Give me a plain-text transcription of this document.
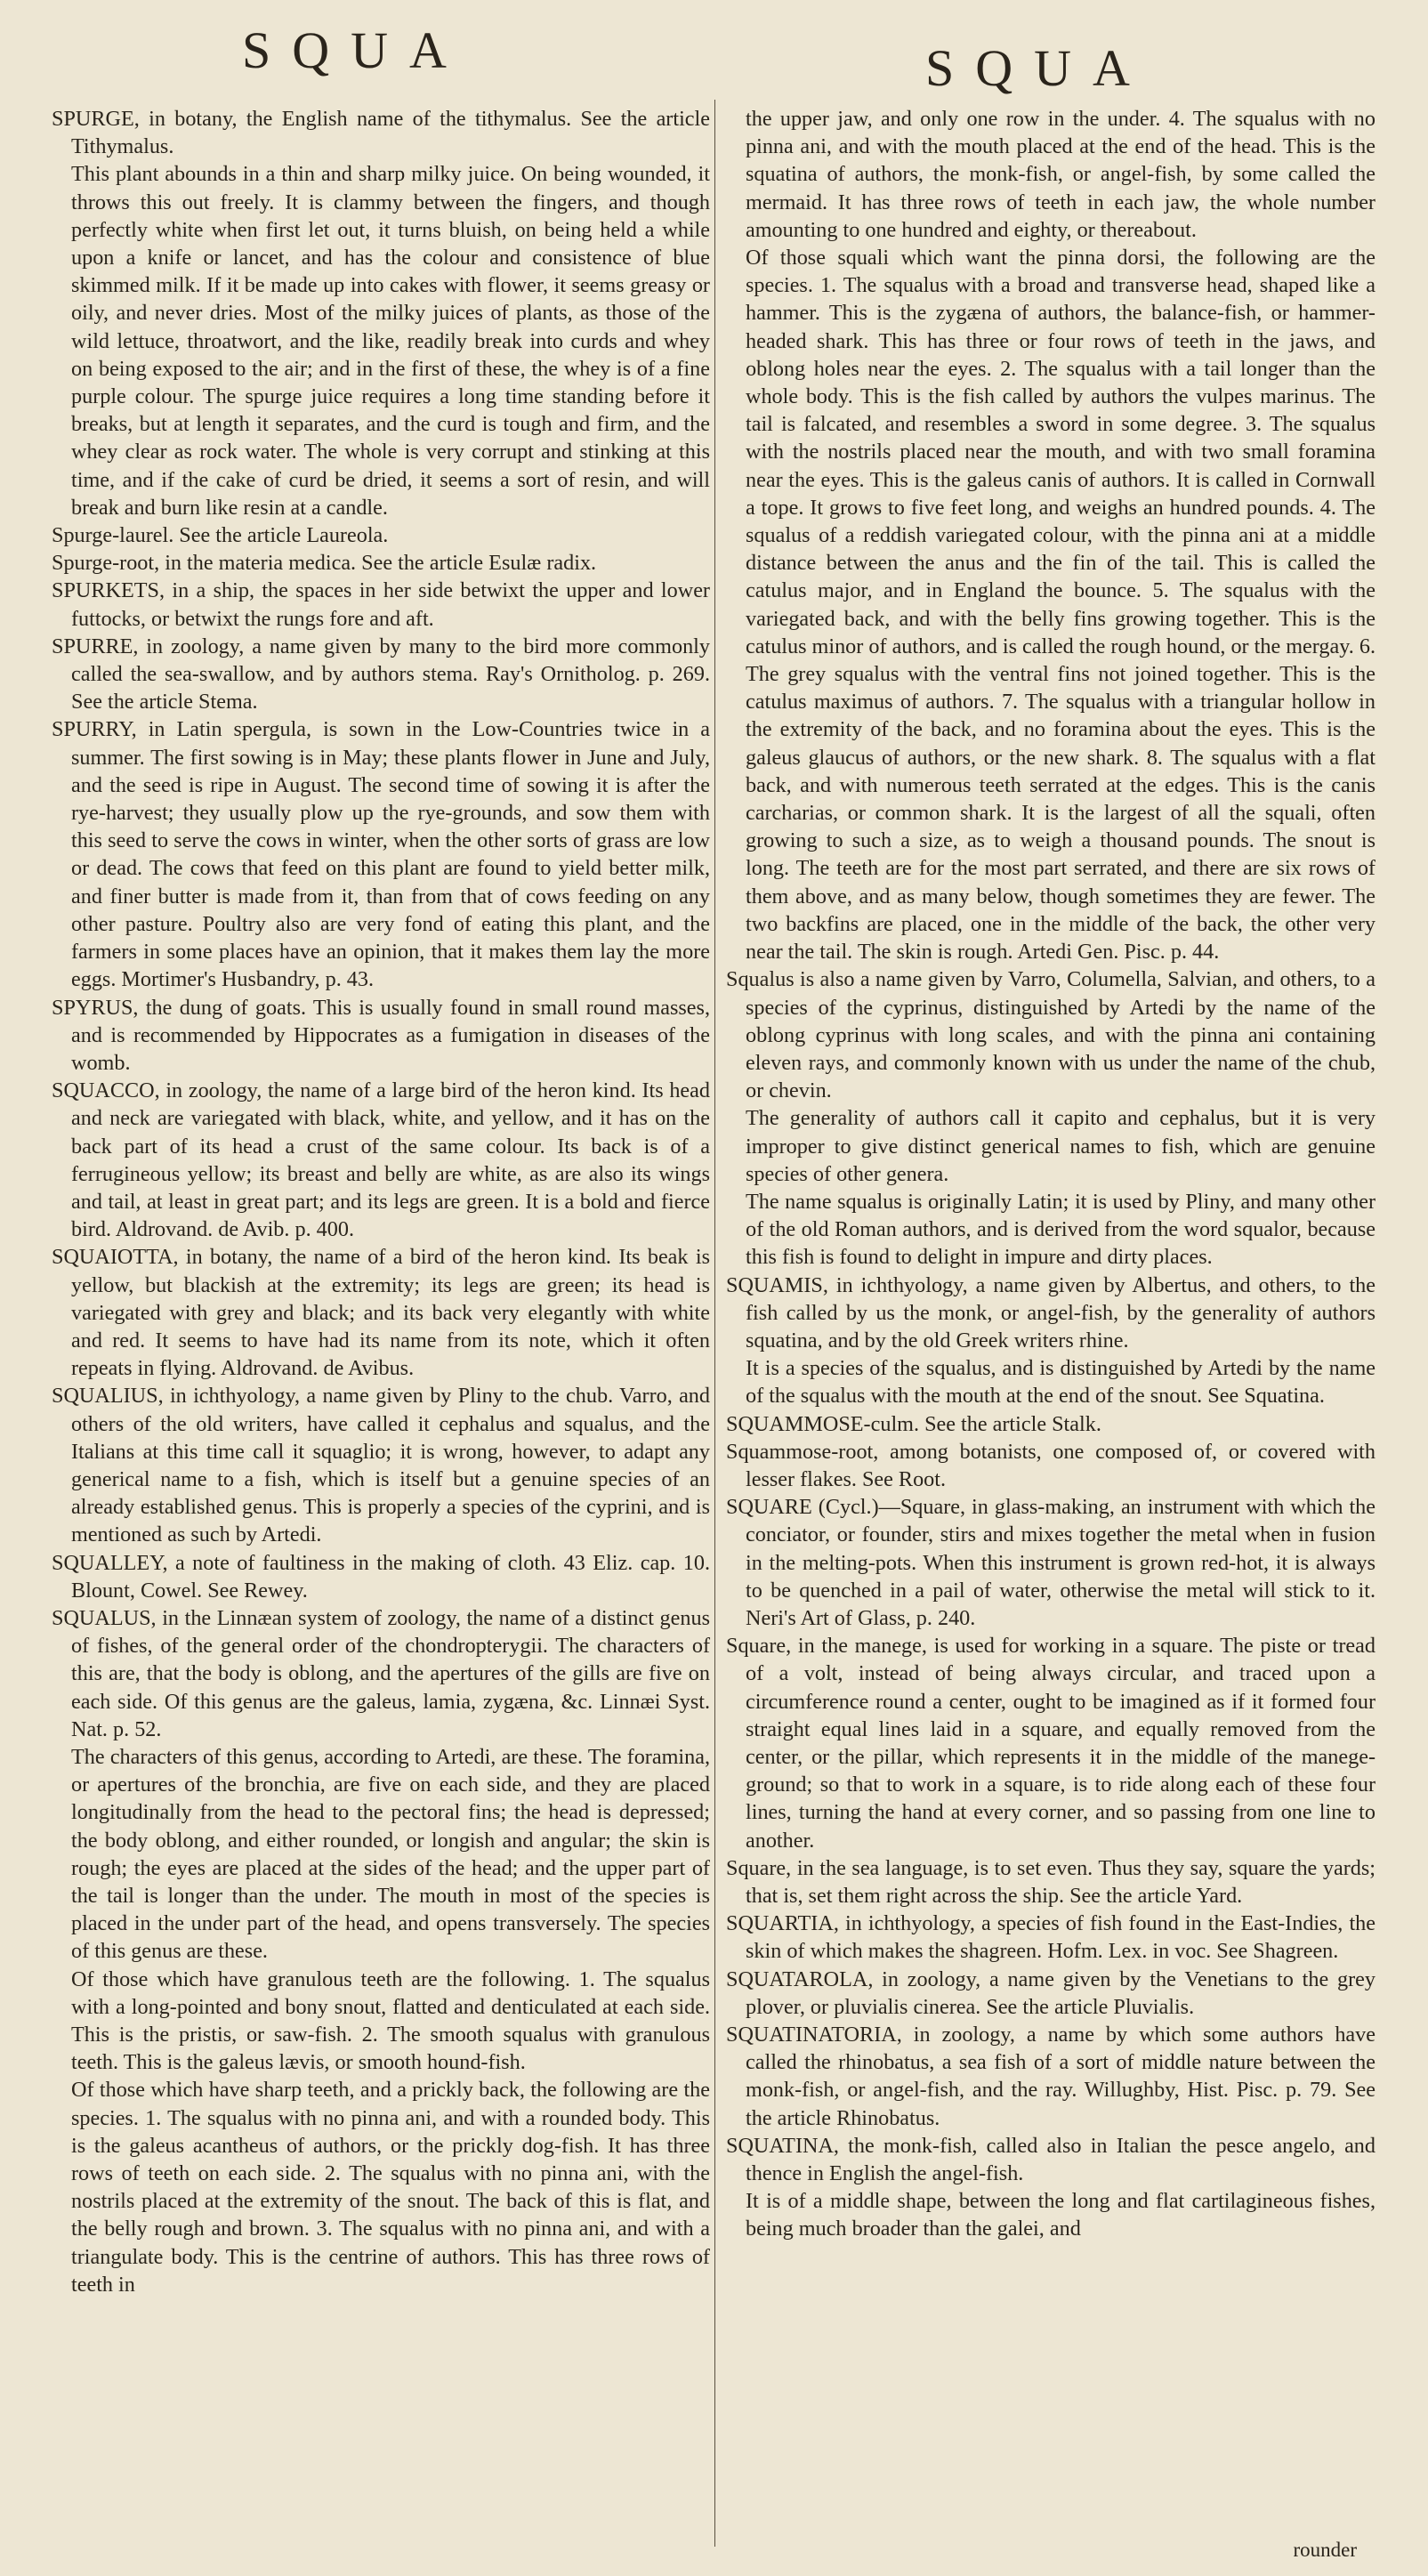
SQUA	SQUA

SPURGE, in botany, the English name of the tithymalus. See the article Tithymalus.

This plant abounds in a thin and sharp milky juice. On being wounded, it throws this out freely. It is clammy between the fingers, and though perfectly white when first let out, it turns bluish, on being held a while upon a knife or lancet, and has the colour and consistence of blue skimmed milk. If it be made up into cakes with flower, it seems greasy or oily, and never dries. Most of the milky juices of plants, as those of the wild lettuce, throatwort, and the like, readily break into curds and whey on being exposed to the air; and in the first of these, the whey is of a fine purple colour. The spurge juice requires a long time standing before it breaks, but at length it separates, and the curd is tough and firm, and the whey clear as rock water. The whole is very corrupt and stinking at this time, and if the cake of curd be dried, it seems a sort of resin, and will break and burn like resin at a candle.

Spurge-laurel. See the article Laureola.

Spurge-root, in the materia medica. See the article Esulæ radix.

SPURKETS, in a ship, the spaces in her side betwixt the upper and lower futtocks, or betwixt the rungs fore and aft.

SPURRE, in zoology, a name given by many to the bird more commonly called the sea-swallow, and by authors stema. Ray's Ornitholog. p. 269. See the article Stema.

SPURRY, in Latin spergula, is sown in the Low-Countries twice in a summer. The first sowing is in May; these plants flower in June and July, and the seed is ripe in August. The second time of sowing it is after the rye-harvest; they usually plow up the rye-grounds, and sow them with this seed to serve the cows in winter, when the other sorts of grass are low or dead. The cows that feed on this plant are found to yield better milk, and finer butter is made from it, than from that of cows feeding on any other pasture. Poultry also are very fond of eating this plant, and the farmers in some places have an opinion, that it makes them lay the more eggs. Mortimer's Husbandry, p. 43.

SPYRUS, the dung of goats. This is usually found in small round masses, and is recommended by Hippocrates as a fumigation in diseases of the womb.

SQUACCO, in zoology, the name of a large bird of the heron kind. Its head and neck are variegated with black, white, and yellow, and it has on the back part of its head a crust of the same colour. Its back is of a ferrugineous yellow; its breast and belly are white, as are also its wings and tail, at least in great part; and its legs are green. It is a bold and fierce bird. Aldrovand. de Avib. p. 400.

SQUAIOTTA, in botany, the name of a bird of the heron kind. Its beak is yellow, but blackish at the extremity; its legs are green; its head is variegated with grey and black; and its back very elegantly with white and red. It seems to have had its name from its note, which it often repeats in flying. Aldrovand. de Avibus.

SQUALIUS, in ichthyology, a name given by Pliny to the chub. Varro, and others of the old writers, have called it cephalus and squalus, and the Italians at this time call it squaglio; it is wrong, however, to adapt any generical name to a fish, which is itself but a genuine species of an already established genus. This is properly a species of the cyprini, and is mentioned as such by Artedi.

SQUALLEY, a note of faultiness in the making of cloth. 43 Eliz. cap. 10. Blount, Cowel. See Rewey.

SQUALUS, in the Linnæan system of zoology, the name of a distinct genus of fishes, of the general order of the chondropterygii. The characters of this are, that the body is oblong, and the apertures of the gills are five on each side. Of this genus are the galeus, lamia, zygæna, &c. Linnæi Syst. Nat. p. 52.

The characters of this genus, according to Artedi, are these. The foramina, or apertures of the bronchia, are five on each side, and they are placed longitudinally from the head to the pectoral fins; the head is depressed; the body oblong, and either rounded, or longish and angular; the skin is rough; the eyes are placed at the sides of the head; and the upper part of the tail is longer than the under. The mouth in most of the species is placed in the under part of the head, and opens transversely. The species of this genus are these.

Of those which have granulous teeth are the following. 1. The squalus with a long-pointed and bony snout, flatted and denticulated at each side. This is the pristis, or saw-fish. 2. The smooth squalus with granulous teeth. This is the galeus lævis, or smooth hound-fish.

Of those which have sharp teeth, and a prickly back, the following are the species. 1. The squalus with no pinna ani, and with a rounded body. This is the galeus acantheus of authors, or the prickly dog-fish. It has three rows of teeth on each side. 2. The squalus with no pinna ani, with the nostrils placed at the extremity of the snout. The back of this is flat, and the belly rough and brown. 3. The squalus with no pinna ani, and with a triangulate body. This is the centrine of authors. This has three rows of teeth in

the upper jaw, and only one row in the under. 4. The squalus with no pinna ani, and with the mouth placed at the end of the head. This is the squatina of authors, the monk-fish, or angel-fish, by some called the mermaid. It has three rows of teeth in each jaw, the whole number amounting to one hundred and eighty, or thereabout.

Of those squali which want the pinna dorsi, the following are the species. 1. The squalus with a broad and transverse head, shaped like a hammer. This is the zygæna of authors, the balance-fish, or hammer-headed shark. This has three or four rows of teeth in the jaws, and oblong holes near the eyes. 2. The squalus with a tail longer than the whole body. This is the fish called by authors the vulpes marinus. The tail is falcated, and resembles a sword in some degree. 3. The squalus with the nostrils placed near the mouth, and with two small foramina near the eyes. This is the galeus canis of authors. It is called in Cornwall a tope. It grows to five feet long, and weighs an hundred pounds. 4. The squalus of a reddish variegated colour, with the pinna ani at a middle distance between the anus and the fin of the tail. This is called the catulus major, and in England the bounce. 5. The squalus with the variegated back, and with the belly fins growing together. This is the catulus minor of authors, and is called the rough hound, or the mergay. 6. The grey squalus with the ventral fins not joined together. This is the catulus maximus of authors. 7. The squalus with a triangular hollow in the extremity of the back, and no foramina about the eyes. This is the galeus glaucus of authors, or the new shark. 8. The squalus with a flat back, and with numerous teeth serrated at the edges. This is the canis carcharias, or common shark. It is the largest of all the squali, often growing to such a size, as to weigh a thousand pounds. The snout is long. The teeth are for the most part serrated, and there are six rows of them above, and as many below, though sometimes they are fewer. The two backfins are placed, one in the middle of the back, the other very near the tail. The skin is rough. Artedi Gen. Pisc. p. 44.

Squalus is also a name given by Varro, Columella, Salvian, and others, to a species of the cyprinus, distinguished by Artedi by the name of the oblong cyprinus with long scales, and with the pinna ani containing eleven rays, and commonly known with us under the name of the chub, or chevin.

The generality of authors call it capito and cephalus, but it is very improper to give distinct generical names to fish, which are genuine species of other genera.

The name squalus is originally Latin; it is used by Pliny, and many other of the old Roman authors, and is derived from the word squalor, because this fish is found to delight in impure and dirty places.

SQUAMIS, in ichthyology, a name given by Albertus, and others, to the fish called by us the monk, or angel-fish, by the generality of authors squatina, and by the old Greek writers rhine.

It is a species of the squalus, and is distinguished by Artedi by the name of the squalus with the mouth at the end of the snout. See Squatina.

SQUAMMOSE-culm. See the article Stalk.

Squammose-root, among botanists, one composed of, or covered with lesser flakes. See Root.

SQUARE (Cycl.)—Square, in glass-making, an instrument with which the conciator, or founder, stirs and mixes together the metal when in fusion in the melting-pots. When this instrument is grown red-hot, it is always to be quenched in a pail of water, otherwise the metal will stick to it. Neri's Art of Glass, p. 240.

Square, in the manege, is used for working in a square. The piste or tread of a volt, instead of being always circular, and traced upon a circumference round a center, ought to be imagined as if it formed four straight equal lines laid in a square, and equally removed from the center, or the pillar, which represents it in the middle of the manege-ground; so that to work in a square, is to ride along each of these four lines, turning the hand at every corner, and so passing from one line to another.

Square, in the sea language, is to set even. Thus they say, square the yards; that is, set them right across the ship. See the article Yard.

SQUARTIA, in ichthyology, a species of fish found in the East-Indies, the skin of which makes the shagreen. Hofm. Lex. in voc. See Shagreen.

SQUATAROLA, in zoology, a name given by the Venetians to the grey plover, or pluvialis cinerea. See the article Pluvialis.

SQUATINATORIA, in zoology, a name by which some authors have called the rhinobatus, a sea fish of a sort of middle nature between the monk-fish, or angel-fish, and the ray. Willughby, Hist. Pisc. p. 79. See the article Rhinobatus.

SQUATINA, the monk-fish, called also in Italian the pesce angelo, and thence in English the angel-fish.

It is of a middle shape, between the long and flat cartilagineous fishes, being much broader than the galei, and

rounder
